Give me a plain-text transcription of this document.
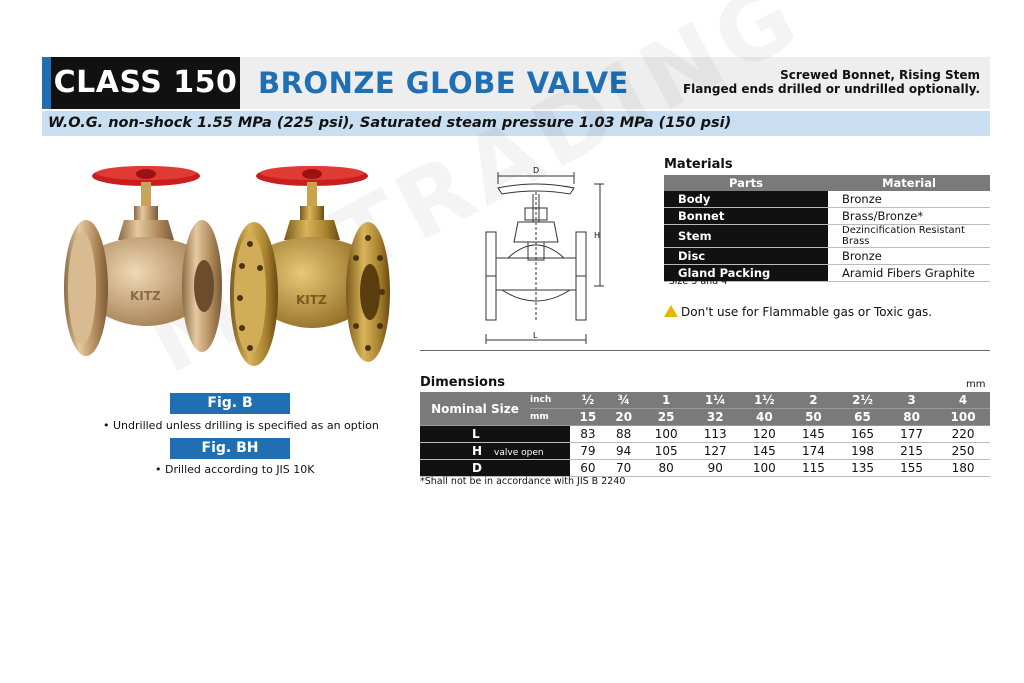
CLASS 150 BRONZE GLOBE VALVE	Screwed Bonnet, Rising Stem
Flanged ends drilled or undrilled optionally.
W.O.G. non-shock 1.55 MPa (225 psi), Saturated steam pressure 1.03 MPa (150 psi)
KITZ	KITZ
Fig. B
• Undrilled unless drilling is specified as an option
Fig. BH
• Drilled according to JIS 10K
D
H
L
Materials
Parts	Material
Body	Bronze
Bonnet	Brass/Bronze*
Stem	Dezincification Resistant Brass
Disc	Bronze
Gland Packing	Aramid Fibers Graphite
*Size 3 and 4
Don't use for Flammable gas or Toxic gas.
Dimensions	mm
Nominal Size	inch	½	¾	1	1¼	1½	2	2½	3	4
	mm	15	20	25	32	40	50	65	80	100
L		83	88	100	113	120	145	165	177	220
H valve open		79	94	105	127	145	174	198	215	250
D		60	70	80	90	100	115	135	155	180
*Shall not be in accordance with JIS B 2240
